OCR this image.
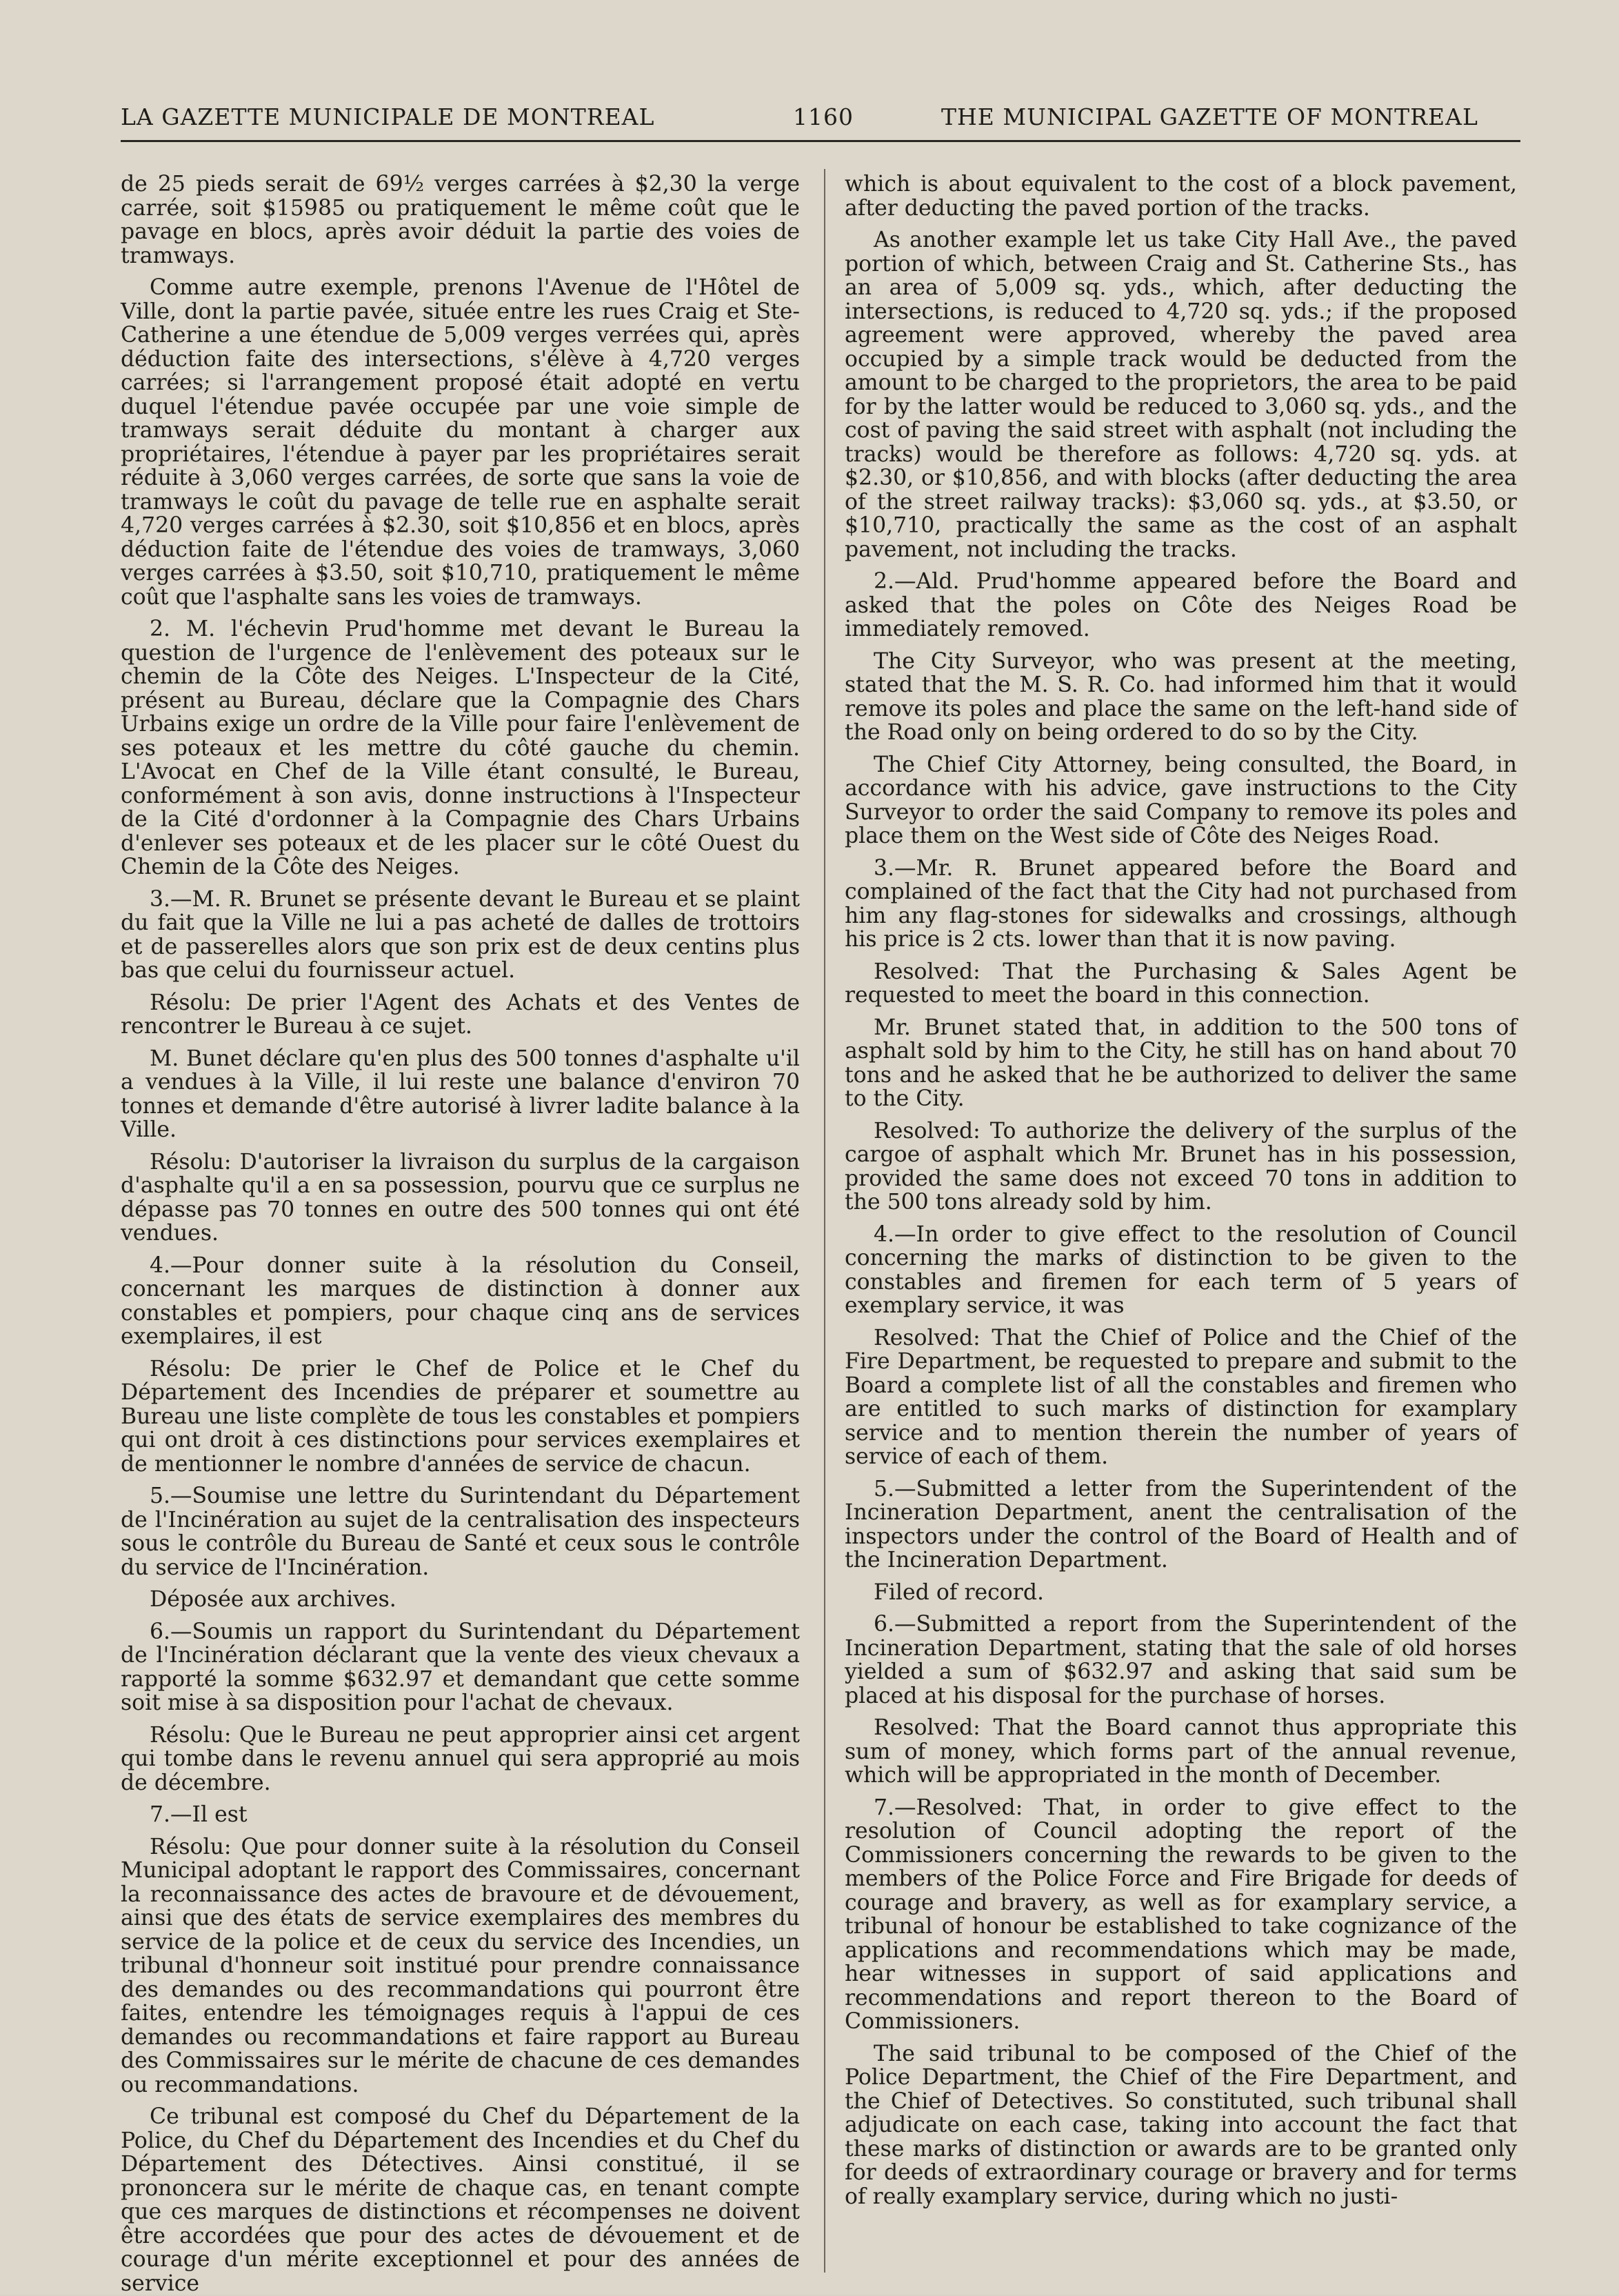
LA GAZETTE MUNICIPALE DE MONTREAL	1160	THE MUNICIPAL GAZETTE OF MONTREAL

de 25 pieds serait de 69½ verges carrées à $2,30 la verge carrée, soit $15985 ou pratiquement le même coût que le pavage en blocs, après avoir déduit la partie des voies de tramways.

Comme autre exemple, prenons l'Avenue de l'Hôtel de Ville, dont la partie pavée, située entre les rues Craig et Ste-Catherine a une étendue de 5,009 verges verrées qui, après déduction faite des intersections, s'élève à 4,720 verges carrées; si l'arrangement proposé était adopté en vertu duquel l'étendue pavée occupée par une voie simple de tramways serait déduite du montant à charger aux propriétaires, l'étendue à payer par les propriétaires serait réduite à 3,060 verges carrées, de sorte que sans la voie de tramways le coût du pavage de telle rue en asphalte serait 4,720 verges carrées à $2.30, soit $10,856 et en blocs, après déduction faite de l'étendue des voies de tramways, 3,060 verges carrées à $3.50, soit $10,710, pratiquement le même coût que l'asphalte sans les voies de tramways.

2. M. l'échevin Prud'homme met devant le Bureau la question de l'urgence de l'enlèvement des poteaux sur le chemin de la Côte des Neiges. L'Inspecteur de la Cité, présent au Bureau, déclare que la Compagnie des Chars Urbains exige un ordre de la Ville pour faire l'enlèvement de ses poteaux et les mettre du côté gauche du chemin. L'Avocat en Chef de la Ville étant consulté, le Bureau, conformément à son avis, donne instructions à l'Inspecteur de la Cité d'ordonner à la Compagnie des Chars Urbains d'enlever ses poteaux et de les placer sur le côté Ouest du Chemin de la Côte des Neiges.

3.—M. R. Brunet se présente devant le Bureau et se plaint du fait que la Ville ne lui a pas acheté de dalles de trottoirs et de passerelles alors que son prix est de deux centins plus bas que celui du fournisseur actuel.

Résolu: De prier l'Agent des Achats et des Ventes de rencontrer le Bureau à ce sujet.

M. Bunet déclare qu'en plus des 500 tonnes d'asphalte u'il a vendues à la Ville, il lui reste une balance d'environ 70 tonnes et demande d'être autorisé à livrer ladite balance à la Ville.

Résolu: D'autoriser la livraison du surplus de la cargaison d'asphalte qu'il a en sa possession, pourvu que ce surplus ne dépasse pas 70 tonnes en outre des 500 tonnes qui ont été vendues.

4.—Pour donner suite à la résolution du Conseil, concernant les marques de distinction à donner aux constables et pompiers, pour chaque cinq ans de services exemplaires, il est

Résolu: De prier le Chef de Police et le Chef du Département des Incendies de préparer et soumettre au Bureau une liste complète de tous les constables et pompiers qui ont droit à ces distinctions pour services exemplaires et de mentionner le nombre d'années de service de chacun.

5.—Soumise une lettre du Surintendant du Département de l'Incinération au sujet de la centralisation des inspecteurs sous le contrôle du Bureau de Santé et ceux sous le contrôle du service de l'Incinération.

Déposée aux archives.

6.—Soumis un rapport du Surintendant du Département de l'Incinération déclarant que la vente des vieux chevaux a rapporté la somme $632.97 et demandant que cette somme soit mise à sa disposition pour l'achat de chevaux.

Résolu: Que le Bureau ne peut approprier ainsi cet argent qui tombe dans le revenu annuel qui sera approprié au mois de décembre.

7.—Il est

Résolu: Que pour donner suite à la résolution du Conseil Municipal adoptant le rapport des Commissaires, concernant la reconnaissance des actes de bravoure et de dévouement, ainsi que des états de service exemplaires des membres du service de la police et de ceux du service des Incendies, un tribunal d'honneur soit institué pour prendre connaissance des demandes ou des recommandations qui pourront être faites, entendre les témoignages requis à l'appui de ces demandes ou recommandations et faire rapport au Bureau des Commissaires sur le mérite de chacune de ces demandes ou recommandations.

Ce tribunal est composé du Chef du Département de la Police, du Chef du Département des Incendies et du Chef du Département des Détectives. Ainsi constitué, il se prononcera sur le mérite de chaque cas, en tenant compte que ces marques de distinctions et récompenses ne doivent être accordées que pour des actes de dévouement et de courage d'un mérite exceptionnel et pour des années de service

which is about equivalent to the cost of a block pavement, after deducting the paved portion of the tracks.

As another example let us take City Hall Ave., the paved portion of which, between Craig and St. Catherine Sts., has an area of 5,009 sq. yds., which, after deducting the intersections, is reduced to 4,720 sq. yds.; if the proposed agreement were approved, whereby the paved area occupied by a simple track would be deducted from the amount to be charged to the proprietors, the area to be paid for by the latter would be reduced to 3,060 sq. yds., and the cost of paving the said street with asphalt (not including the tracks) would be therefore as follows: 4,720 sq. yds. at $2.30, or $10,856, and with blocks (after deducting the area of the street railway tracks): $3,060 sq. yds., at $3.50, or $10,710, practically the same as the cost of an asphalt pavement, not including the tracks.

2.—Ald. Prud'homme appeared before the Board and asked that the poles on Côte des Neiges Road be immediately removed.

The City Surveyor, who was present at the meeting, stated that the M. S. R. Co. had informed him that it would remove its poles and place the same on the left-hand side of the Road only on being ordered to do so by the City.

The Chief City Attorney, being consulted, the Board, in accordance with his advice, gave instructions to the City Surveyor to order the said Company to remove its poles and place them on the West side of Côte des Neiges Road.

3.—Mr. R. Brunet appeared before the Board and complained of the fact that the City had not purchased from him any flag-stones for sidewalks and crossings, although his price is 2 cts. lower than that it is now paving.

Resolved: That the Purchasing & Sales Agent be requested to meet the board in this connection.

Mr. Brunet stated that, in addition to the 500 tons of asphalt sold by him to the City, he still has on hand about 70 tons and he asked that he be authorized to deliver the same to the City.

Resolved: To authorize the delivery of the surplus of the cargoe of asphalt which Mr. Brunet has in his possession, provided the same does not exceed 70 tons in addition to the 500 tons already sold by him.

4.—In order to give effect to the resolution of Council concerning the marks of distinction to be given to the constables and firemen for each term of 5 years of exemplary service, it was

Resolved: That the Chief of Police and the Chief of the Fire Department, be requested to prepare and submit to the Board a complete list of all the constables and firemen who are entitled to such marks of distinction for examplary service and to mention therein the number of years of service of each of them.

5.—Submitted a letter from the Superintendent of the Incineration Department, anent the centralisation of the inspectors under the control of the Board of Health and of the Incineration Department.

Filed of record.

6.—Submitted a report from the Superintendent of the Incineration Department, stating that the sale of old horses yielded a sum of $632.97 and asking that said sum be placed at his disposal for the purchase of horses.

Resolved: That the Board cannot thus appropriate this sum of money, which forms part of the annual revenue, which will be appropriated in the month of December.

7.—Resolved: That, in order to give effect to the resolution of Council adopting the report of the Commissioners concerning the rewards to be given to the members of the Police Force and Fire Brigade for deeds of courage and bravery, as well as for examplary service, a tribunal of honour be established to take cognizance of the applications and recommendations which may be made, hear witnesses in support of said applications and recommendations and report thereon to the Board of Commissioners.

The said tribunal to be composed of the Chief of the Police Department, the Chief of the Fire Department, and the Chief of Detectives. So constituted, such tribunal shall adjudicate on each case, taking into account the fact that these marks of distinction or awards are to be granted only for deeds of extraordinary courage or bravery and for terms of really examplary service, during which no justi-
